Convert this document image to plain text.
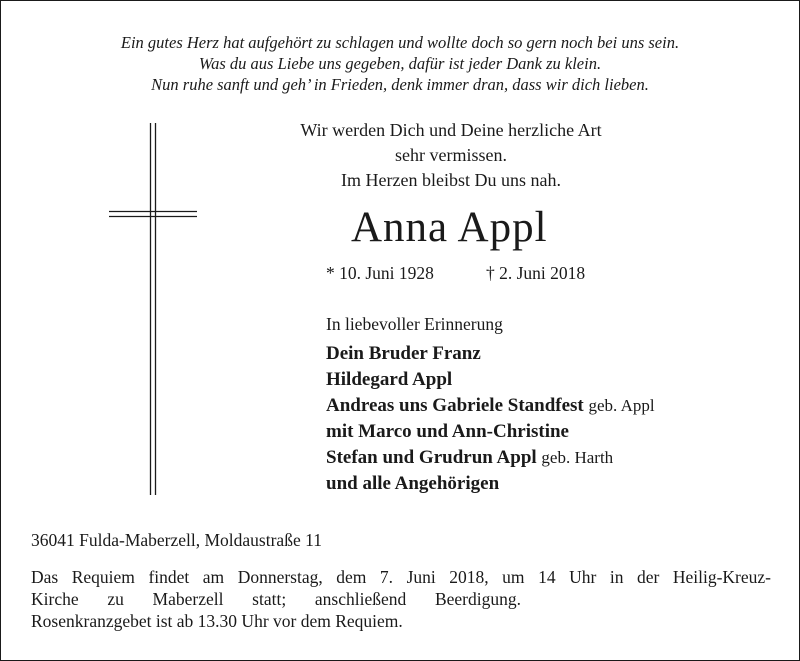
Ein gutes Herz hat aufgehört zu schlagen und wollte doch so gern noch bei uns sein.
Was du aus Liebe uns gegeben, dafür ist jeder Dank zu klein.
Nun ruhe sanft und geh’ in Frieden, denk immer dran, dass wir dich lieben.
Wir werden Dich und Deine herzliche Art
sehr vermissen.
Im Herzen bleibst Du uns nah.
Anna Appl
* 10. Juni 1928	† 2. Juni 2018
In liebevoller Erinnerung
Dein Bruder Franz
Hildegard Appl
Andreas uns Gabriele Standfest geb. Appl
mit Marco und Ann-Christine
Stefan und Grudrun Appl geb. Harth
und alle Angehörigen
36041 Fulda-Maberzell, Moldaustraße 11
Das Requiem findet am Donnerstag, dem 7. Juni 2018, um 14 Uhr in der Heilig-Kreuz-
Kirche zu Maberzell statt; anschließend Beerdigung.
Rosenkranzgebet ist ab 13.30 Uhr vor dem Requiem.
